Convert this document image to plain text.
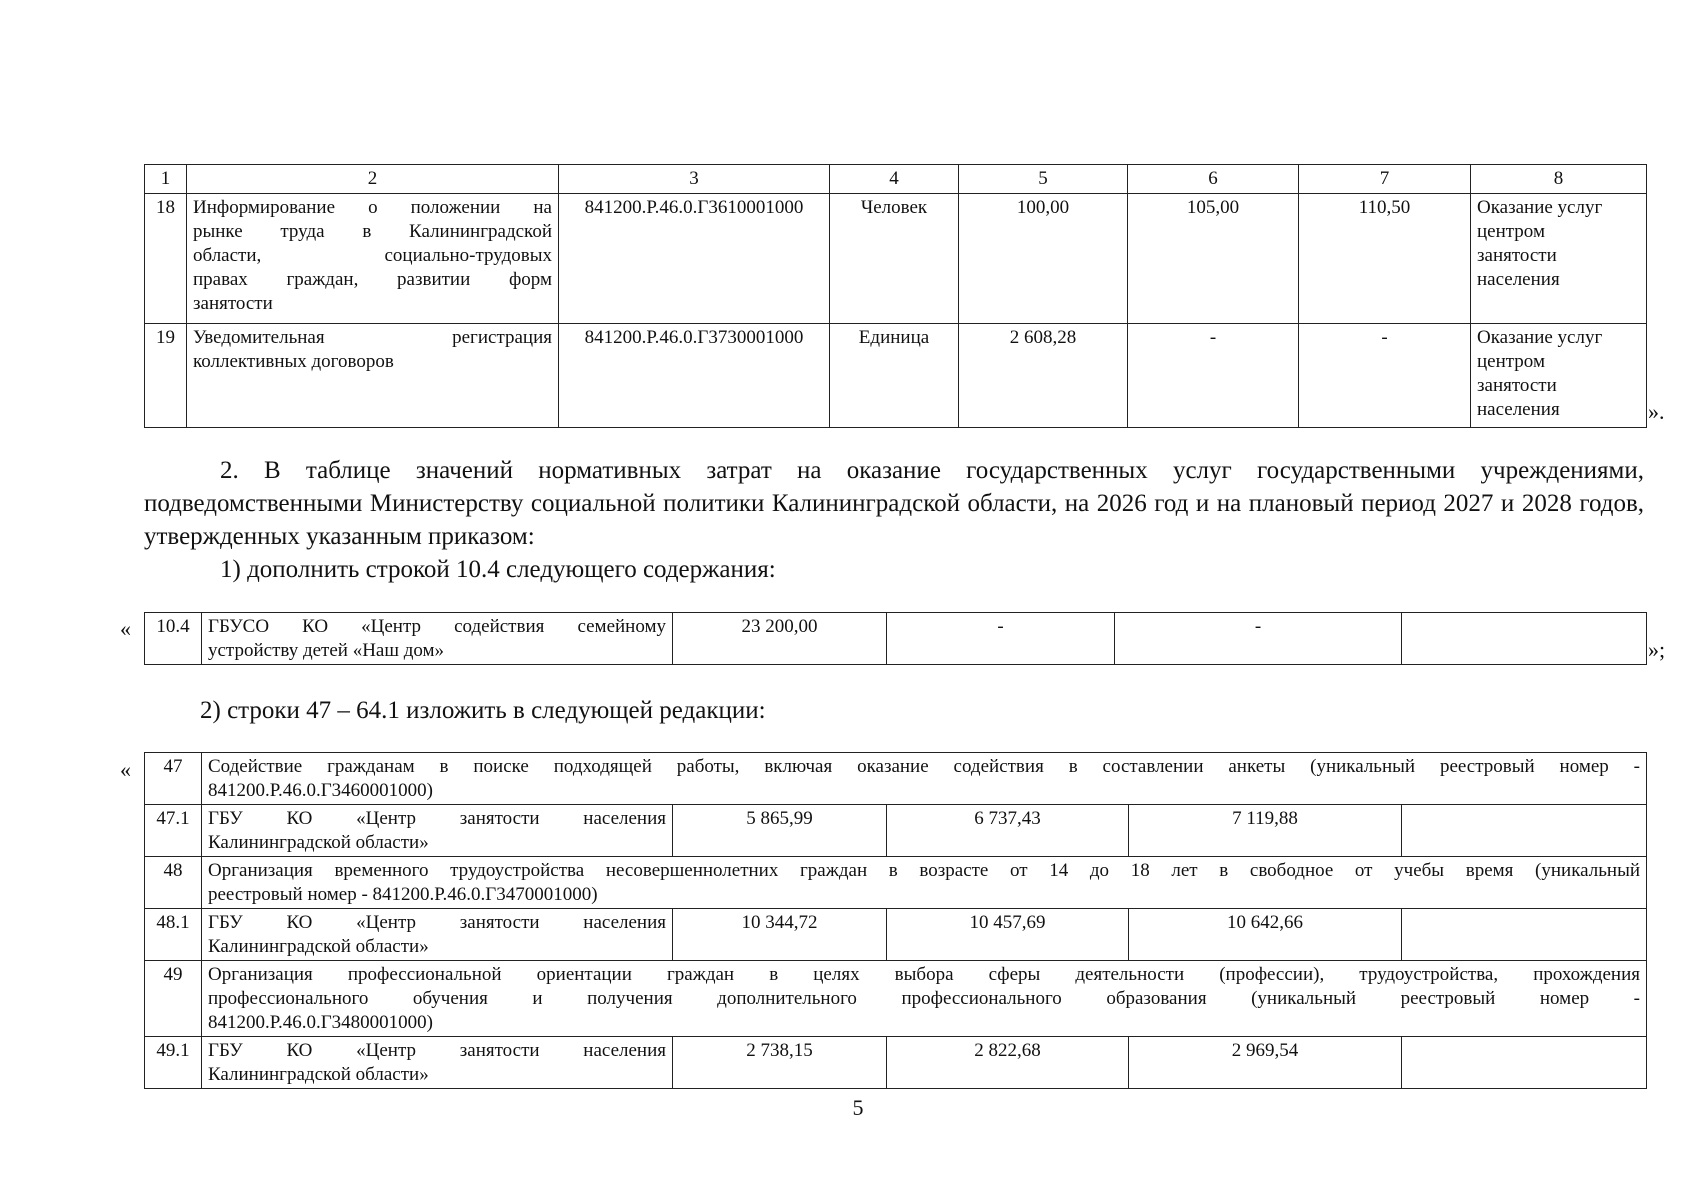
1	2	3	4	5	6	7	8
18	Информирование о положении на
рынке труда в Калининградской
области, социально-трудовых
правах граждан, развитии форм
занятости	841200.Р.46.0.Г3610001000	Человек	100,00	105,00	110,50	Оказание услуг
центром
занятости
населения

19	Уведомительная регистрация
коллективных договоров	841200.Р.46.0.Г3730001000	Единица	2 608,28	-	-	Оказание услуг
центром
занятости
населения	».
2. В таблице значений нормативных затрат на оказание государственных услуг государственными учреждениями, подведомственными Министерству социальной политики Калининградской области, на 2026 год и на плановый период 2027 и 2028 годов, утвержденных указанным приказом:
1) дополнить строкой 10.4 следующего содержания:
« 10.4	ГБУСО КО «Центр содействия семейному
устройству детей «Наш дом»
	23 200,00	-	-	
»;
2) строки 47 – 64.1 изложить в следующей редакции:
« 47	Содействие гражданам в поиске подходящей работы, включая оказание содействия в составлении анкеты (уникальный реестровый номер -
841200.Р.46.0.Г3460001000)				

47.1	ГБУ КО «Центр занятости населения
Калининградской области»	5 865,99	6 737,43	7 119,88	
48	Организация временного трудоустройства несовершеннолетних граждан в возрасте от 14 до 18 лет в свободное от учебы время (уникальный
реестровый номер - 841200.Р.46.0.Г3470001000)				

48.1	ГБУ КО «Центр занятости населения
Калининградской области»	10 344,72	10 457,69	10 642,66	
49	Организация профессиональной ориентации граждан в целях выбора сферы деятельности (профессии), трудоустройства, прохождения
профессионального обучения и получения дополнительного профессионального образования (уникальный реестровый номер -
841200.Р.46.0.Г3480001000)				

49.1	ГБУ КО «Центр занятости населения
Калининградской области»	2 738,15	2 822,68	2 969,54	
5
